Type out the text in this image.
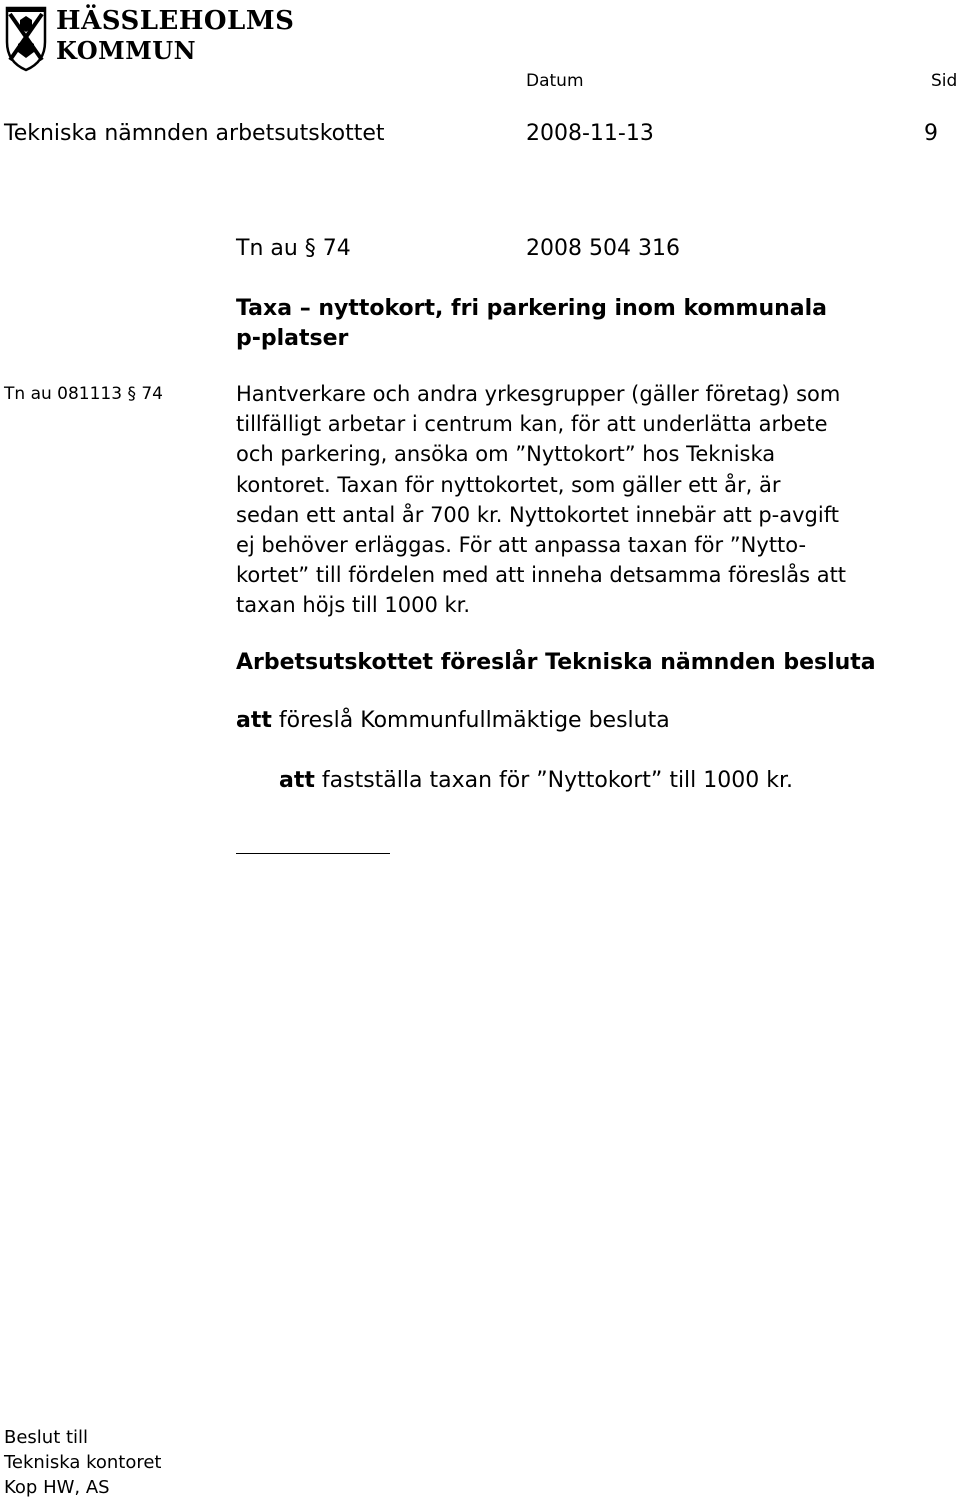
HÄSSLEHOLMS
KOMMUN
Datum	Sid
Tekniska nämnden arbetsutskottet	2008-11-13	9
Tn au § 74	2008 504 316
Taxa – nyttokort, fri parkering inom kommunala
p-platser
Tn au 081113 § 74	Hantverkare och andra yrkesgrupper (gäller företag) som
tillfälligt arbetar i centrum kan, för att underlätta arbete
och parkering, ansöka om ”Nyttokort” hos Tekniska
kontoret. Taxan för nyttokortet, som gäller ett år, är
sedan ett antal år 700 kr. Nyttokortet innebär att p-avgift
ej behöver erläggas. För att anpassa taxan för ”Nytto-
kortet” till fördelen med att inneha detsamma föreslås att
taxan höjs till 1000 kr.
Arbetsutskottet föreslår Tekniska nämnden besluta
att föreslå Kommunfullmäktige besluta
att fastställa taxan för ”Nyttokort” till 1000 kr.
Beslut till
Tekniska kontoret
Kop HW, AS
